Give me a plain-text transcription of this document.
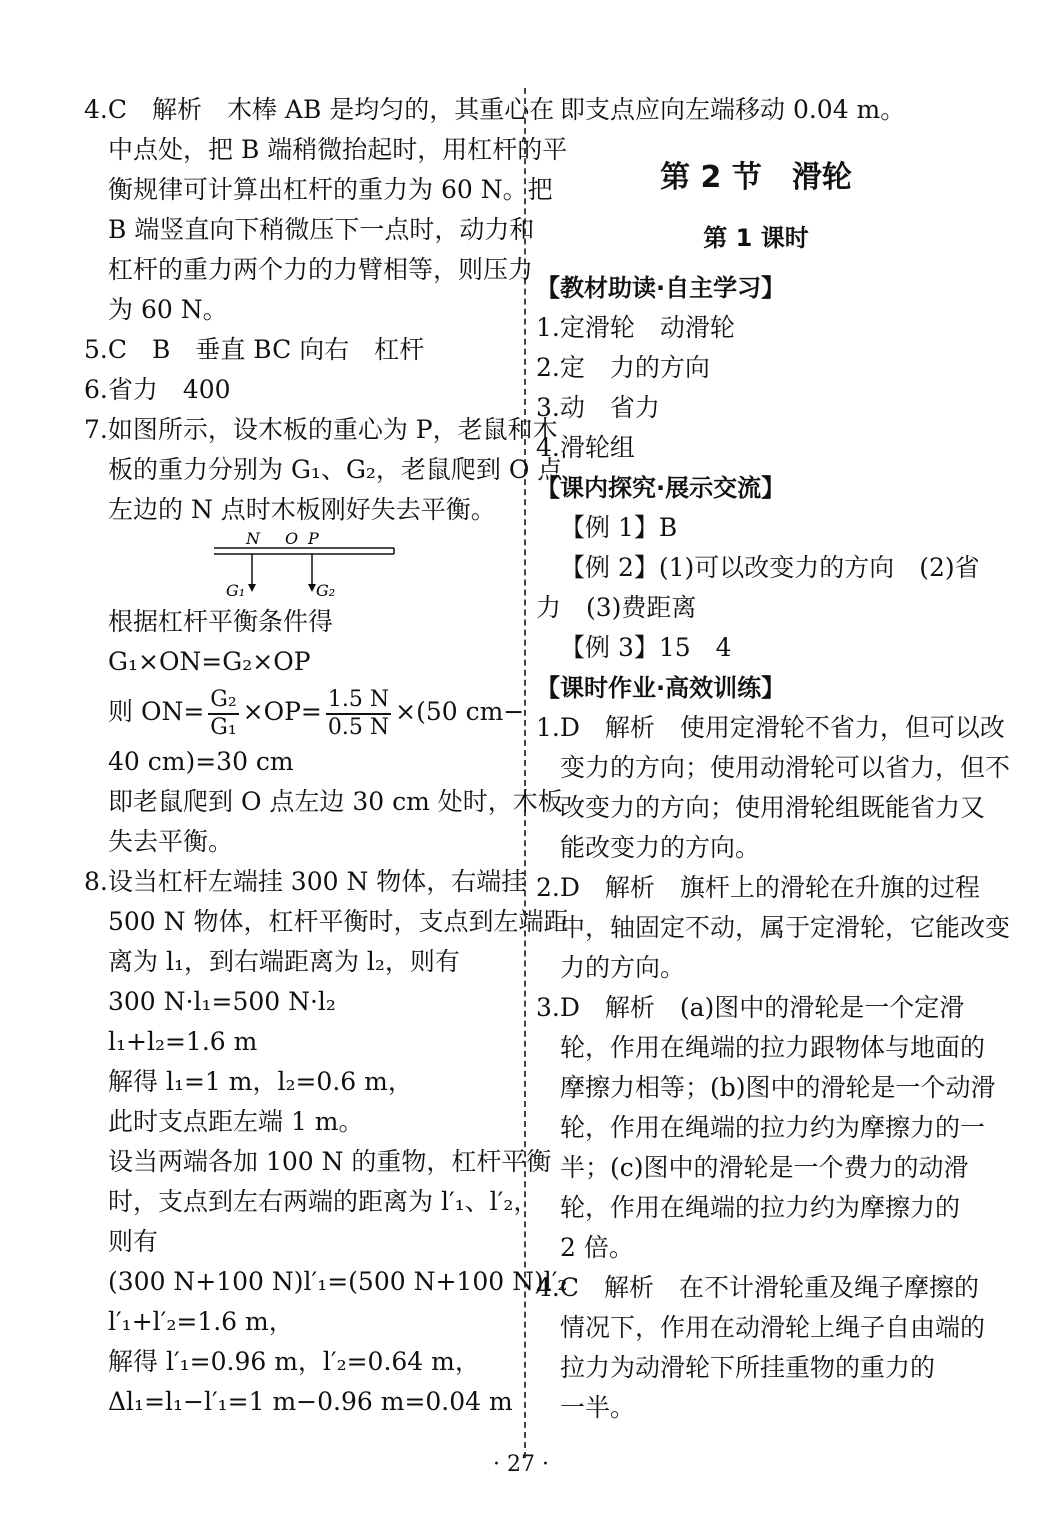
4.C　解析　木棒 AB 是均匀的，其重心在
中点处，把 B 端稍微抬起时，用杠杆的平
衡规律可计算出杠杆的重力为 60 N。把
B 端竖直向下稍微压下一点时，动力和
杠杆的重力两个力的力臂相等，则压力
为 60 N。
5.C　B　垂直 BC 向右　杠杆
6.省力　400
7.如图所示，设木板的重心为 P，老鼠和木
板的重力分别为 G₁、G₂，老鼠爬到 O 点
左边的 N 点时木板刚好失去平衡。
N O P
G₁	G₂
根据杠杆平衡条件得
G₁×ON=G₂×OP
则 $ON= \frac{\text{G₂}}{\text{G₁}} \times OP= \frac{1.5 N}{0.5 N} \times(50$ cm−
40 cm)=30 cm
即老鼠爬到 O 点左边 30 cm 处时，木板
失去平衡。
8.设当杠杆左端挂 300 N 物体，右端挂
500 N 物体，杠杆平衡时，支点到左端距
离为 l₁，到右端距离为 l₂，则有
300 N·l₁=500 N·l₂
l₁+l₂=1.6 m
解得 l₁=1 m，l₂=0.6 m，
此时支点距左端 1 m。
设当两端各加 100 N 的重物，杠杆平衡
时，支点到左右两端的距离为 l′₁、l′₂，
则有
(300 N+100 N)l′₁=(500 N+100 N)l′₂
l′₁+l′₂=1.6 m，
解得 l′₁=0.96 m，l′₂=0.64 m，
Δl₁=l₁−l′₁=1 m−0.96 m=0.04 m
即支点应向左端移动 0.04 m。
第 2 节　滑轮
第 1 课时
【教材助读·自主学习】
1.定滑轮　动滑轮
2.定　力的方向
3.动　省力
4.滑轮组
【课内探究·展示交流】
【例 1】B
【例 2】(1)可以改变力的方向　(2)省
力　(3)费距离
【例 3】15　4
【课时作业·高效训练】
1.D　解析　使用定滑轮不省力，但可以改
变力的方向；使用动滑轮可以省力，但不
改变力的方向；使用滑轮组既能省力又
能改变力的方向。
2.D　解析　旗杆上的滑轮在升旗的过程
中，轴固定不动，属于定滑轮，它能改变
力的方向。
3.D　解析　(a)图中的滑轮是一个定滑
轮，作用在绳端的拉力跟物体与地面的
摩擦力相等；(b)图中的滑轮是一个动滑
轮，作用在绳端的拉力约为摩擦力的一
半；(c)图中的滑轮是一个费力的动滑
轮，作用在绳端的拉力约为摩擦力的
2 倍。
4.C　解析　在不计滑轮重及绳子摩擦的
情况下，作用在动滑轮上绳子自由端的
拉力为动滑轮下所挂重物的重力的
一半。
· 27 ·
